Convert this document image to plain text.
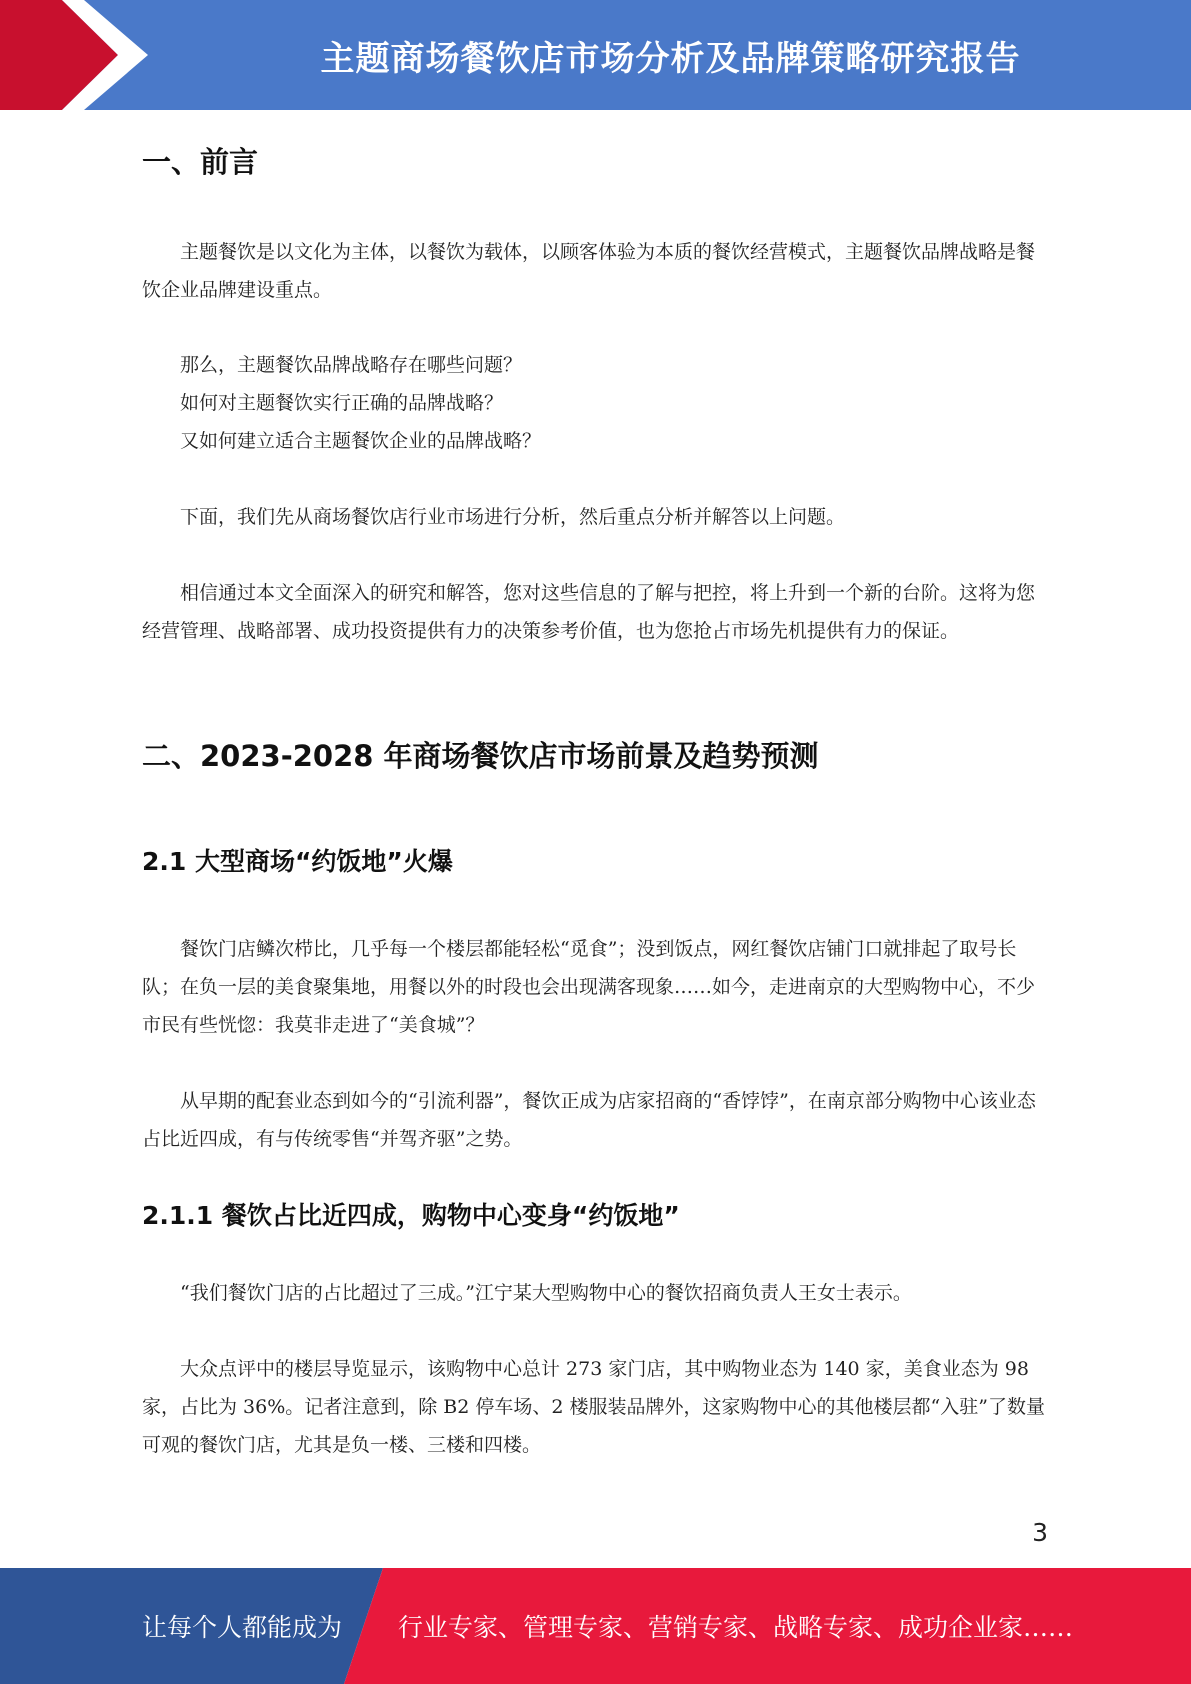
主题商场餐饮店市场分析及品牌策略研究报告
一、前言

主题餐饮是以文化为主体，以餐饮为载体，以顾客体验为本质的餐饮经营模式，主题餐饮品牌战略是餐饮企业品牌建设重点。

那么，主题餐饮品牌战略存在哪些问题？

如何对主题餐饮实行正确的品牌战略？

又如何建立适合主题餐饮企业的品牌战略？

下面，我们先从商场餐饮店行业市场进行分析，然后重点分析并解答以上问题。

相信通过本文全面深入的研究和解答，您对这些信息的了解与把控，将上升到一个新的台阶。这将为您经营管理、战略部署、成功投资提供有力的决策参考价值，也为您抢占市场先机提供有力的保证。

二、2023-2028 年商场餐饮店市场前景及趋势预测
2.1 大型商场“约饭地”火爆

餐饮门店鳞次栉比，几乎每一个楼层都能轻松“觅食”；没到饭点，网红餐饮店铺门口就排起了取号长队；在负一层的美食聚集地，用餐以外的时段也会出现满客现象……如今，走进南京的大型购物中心，不少市民有些恍惚：我莫非走进了“美食城”？

从早期的配套业态到如今的“引流利器”，餐饮正成为店家招商的“香饽饽”，在南京部分购物中心该业态占比近四成，有与传统零售“并驾齐驱”之势。

2.1.1 餐饮占比近四成，购物中心变身“约饭地”

“我们餐饮门店的占比超过了三成。”江宁某大型购物中心的餐饮招商负责人王女士表示。

大众点评中的楼层导览显示，该购物中心总计 273 家门店，其中购物业态为 140 家，美食业态为 98 家，占比为 36%。记者注意到，除 B2 停车场、2 楼服装品牌外，这家购物中心的其他楼层都“入驻”了数量可观的餐饮门店，尤其是负一楼、三楼和四楼。

3
让每个人都能成为 行业专家、管理专家、营销专家、战略专家、成功企业家……
